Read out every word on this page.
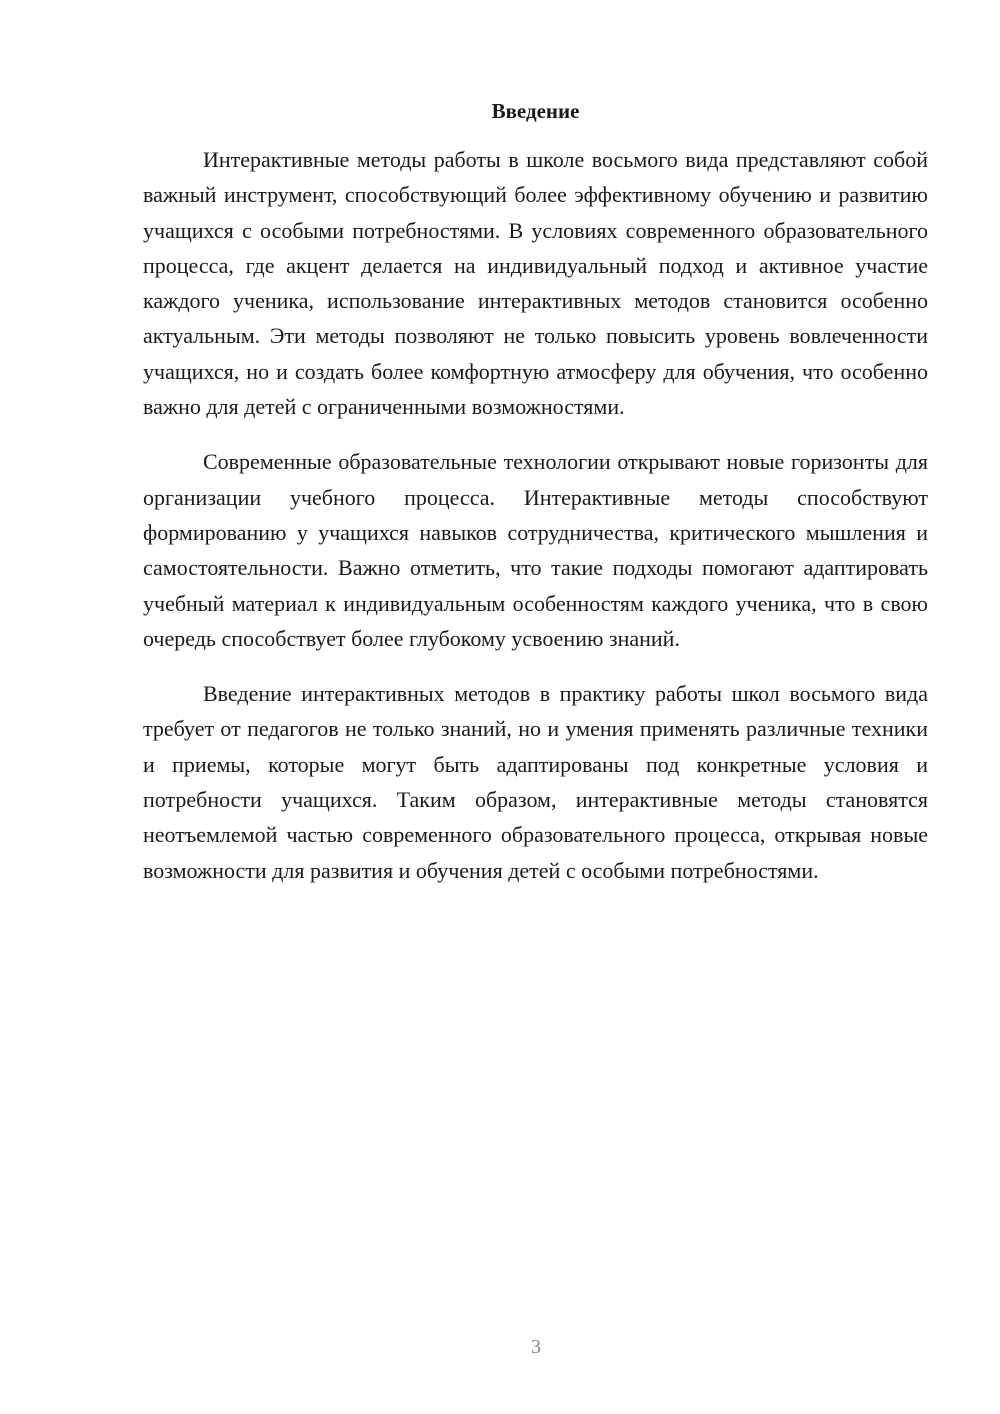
Введение

Интерактивные методы работы в школе восьмого вида представляют собой важный инструмент, способствующий более эффективному обучению и развитию учащихся с особыми потребностями. В условиях современного образовательного процесса, где акцент делается на индивидуальный подход и активное участие каждого ученика, использование интерактивных методов становится особенно актуальным. Эти методы позволяют не только повысить уровень вовлеченности учащихся, но и создать более комфортную атмосферу для обучения, что особенно важно для детей с ограниченными возможностями.

Современные образовательные технологии открывают новые горизонты для организации учебного процесса. Интерактивные методы способствуют формированию у учащихся навыков сотрудничества, критического мышления и самостоятельности. Важно отметить, что такие подходы помогают адаптировать учебный материал к индивидуальным особенностям каждого ученика, что в свою очередь способствует более глубокому усвоению знаний.

Введение интерактивных методов в практику работы школ восьмого вида требует от педагогов не только знаний, но и умения применять различные техники и приемы, которые могут быть адаптированы под конкретные условия и потребности учащихся. Таким образом, интерактивные методы становятся неотъемлемой частью современного образовательного процесса, открывая новые возможности для развития и обучения детей с особыми потребностями.

3
